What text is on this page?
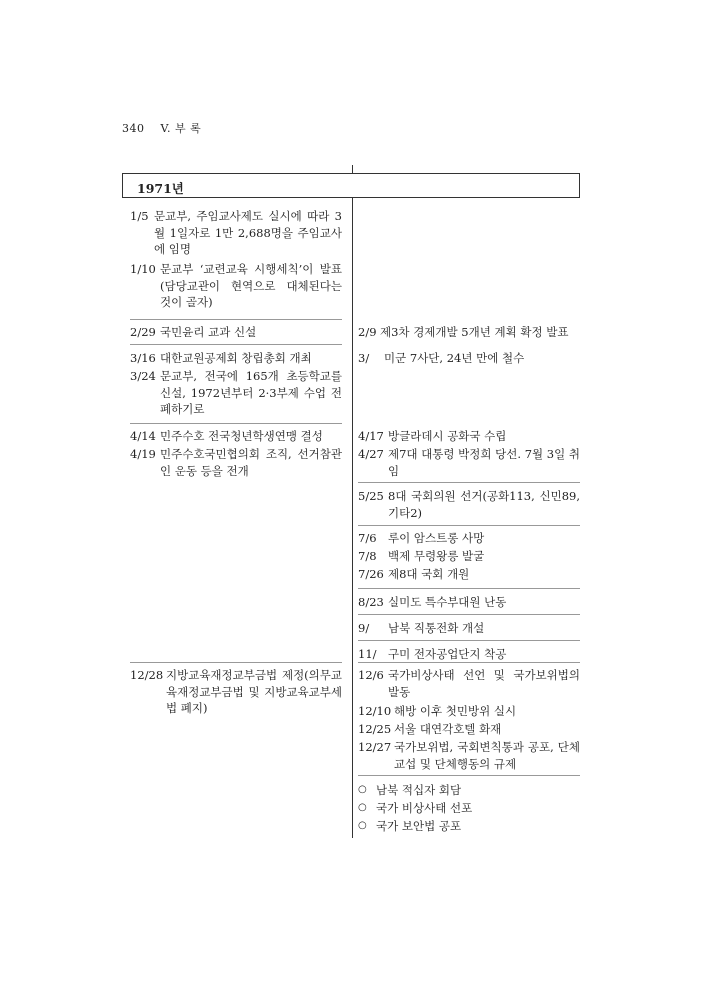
340 V. 부 록
1971년
1/5 문교부, 주임교사제도 실시에 따라 3월 1일자로 1만 2,688명을 주임교사에 임명
1/10 문교부 ‘교련교육 시행세칙’이 발표(담당교관이 현역으로 대체된다는 것이 골자)
2/29 국민윤리 교과 신설
3/16 대한교원공제회 창립총회 개최
3/24 문교부, 전국에 165개 초등학교를 신설, 1972년부터 2·3부제 수업 전폐하기로
4/14 민주수호 전국청년학생연맹 결성
4/19 민주수호국민협의회 조직, 선거참관인 운동 등을 전개
12/28 지방교육재정교부금법 제정(의무교육재정교부금법 및 지방교육교부세법 폐지)
2/9 제3차 경제개발 5개년 계획 확정 발표
3/ 미군 7사단, 24년 만에 철수
4/17 방글라데시 공화국 수립
4/27 제7대 대통령 박정희 당선. 7월 3일 취임
5/25 8대 국회의원 선거(공화113, 신민89, 기타2)
7/6 루이 암스트롱 사망
7/8 백제 무령왕릉 발굴
7/26 제8대 국회 개원
8/23 실미도 특수부대원 난동
9/ 남북 직통전화 개설
11/ 구미 전자공업단지 착공
12/6 국가비상사태 선언 및 국가보위법의 발동
12/10 해방 이후 첫민방위 실시
12/25 서울 대연각호텔 화재
12/27 국가보위법, 국회변칙통과 공포, 단체교섭 및 단체행동의 규제
○ 남북 적십자 회담
○ 국가 비상사태 선포
○ 국가 보안법 공포
